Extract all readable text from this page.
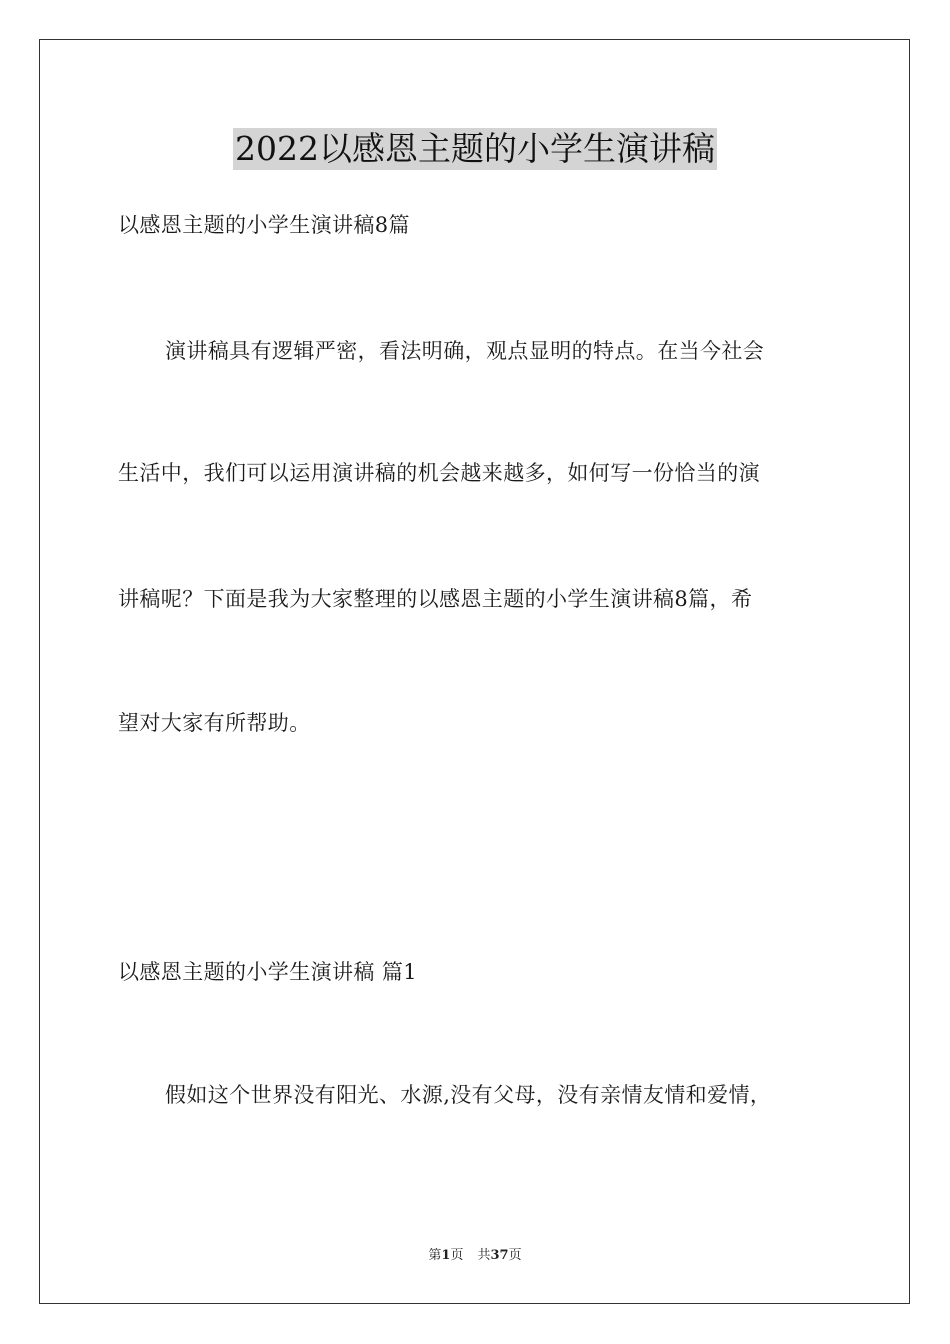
2022以感恩主题的小学生演讲稿
以感恩主题的小学生演讲稿8篇
演讲稿具有逻辑严密，看法明确，观点显明的特点。在当今社会
生活中，我们可以运用演讲稿的机会越来越多，如何写一份恰当的演
讲稿呢？下面是我为大家整理的以感恩主题的小学生演讲稿8篇，希
望对大家有所帮助。
以感恩主题的小学生演讲稿 篇1
假如这个世界没有阳光、水源,没有父母，没有亲情友情和爱情，
第1页 共37页
